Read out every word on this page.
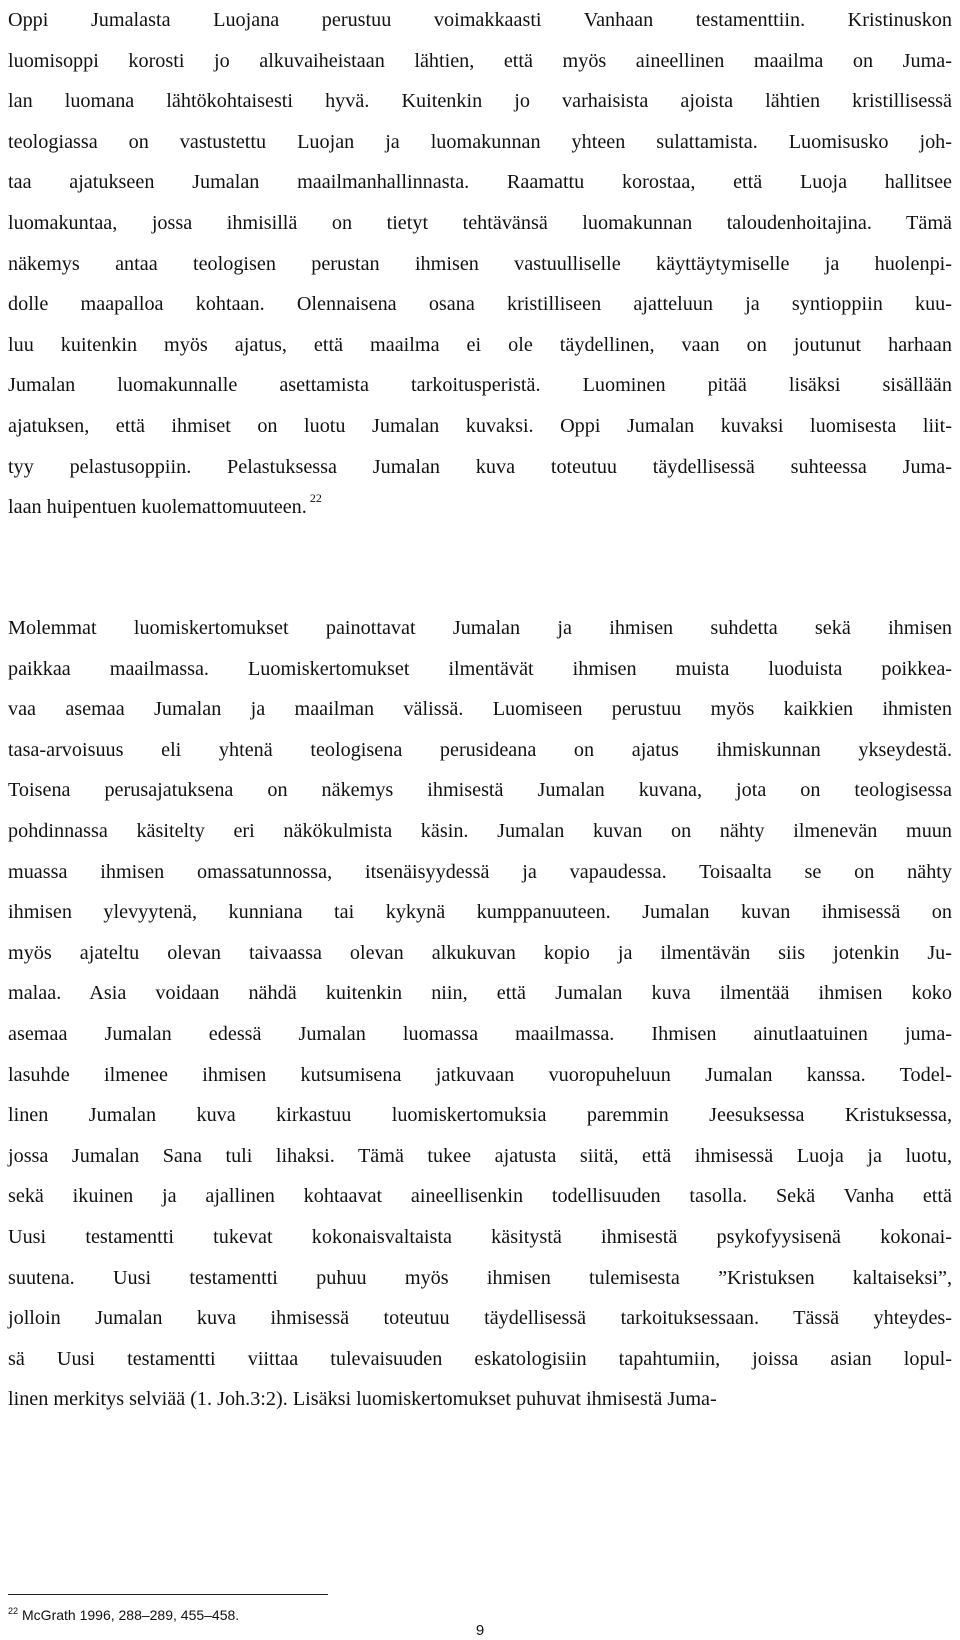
Oppi Jumalasta Luojana perustuu voimakkaasti Vanhaan testamenttiin. Kristinuskon
luomisoppi korosti jo alkuvaiheistaan lähtien, että myös aineellinen maailma on Juma-
lan luomana lähtökohtaisesti hyvä. Kuitenkin jo varhaisista ajoista lähtien kristillisessä
teologiassa on vastustettu Luojan ja luomakunnan yhteen sulattamista. Luomisusko joh-
taa ajatukseen Jumalan maailmanhallinnasta. Raamattu korostaa, että Luoja hallitsee
luomakuntaa, jossa ihmisillä on tietyt tehtävänsä luomakunnan taloudenhoitajina. Tämä
näkemys antaa teologisen perustan ihmisen vastuulliselle käyttäytymiselle ja huolenpi-
dolle maapalloa kohtaan. Olennaisena osana kristilliseen ajatteluun ja syntioppiin kuu-
luu kuitenkin myös ajatus, että maailma ei ole täydellinen, vaan on joutunut harhaan
Jumalan luomakunnalle asettamista tarkoitusperistä. Luominen pitää lisäksi sisällään
ajatuksen, että ihmiset on luotu Jumalan kuvaksi. Oppi Jumalan kuvaksi luomisesta liit-
tyy pelastusoppiin. Pelastuksessa Jumalan kuva toteutuu täydellisessä suhteessa Juma-
laan huipentuen kuolemattomuuteen. $^{22}$
Molemmat luomiskertomukset painottavat Jumalan ja ihmisen suhdetta sekä ihmisen
paikkaa maailmassa. Luomiskertomukset ilmentävät ihmisen muista luoduista poikkea-
vaa asemaa Jumalan ja maailman välissä. Luomiseen perustuu myös kaikkien ihmisten
tasa-arvoisuus eli yhtenä teologisena perusideana on ajatus ihmiskunnan ykseydestä.
Toisena perusajatuksena on näkemys ihmisestä Jumalan kuvana, jota on teologisessa
pohdinnassa käsitelty eri näkökulmista käsin. Jumalan kuvan on nähty ilmenevän muun
muassa ihmisen omassatunnossa, itsenäisyydessä ja vapaudessa. Toisaalta se on nähty
ihmisen ylevyytenä, kunniana tai kykynä kumppanuuteen. Jumalan kuvan ihmisessä on
myös ajateltu olevan taivaassa olevan alkukuvan kopio ja ilmentävän siis jotenkin Ju-
malaa. Asia voidaan nähdä kuitenkin niin, että Jumalan kuva ilmentää ihmisen koko
asemaa Jumalan edessä Jumalan luomassa maailmassa. Ihmisen ainutlaatuinen juma-
lasuhde ilmenee ihmisen kutsumisena jatkuvaan vuoropuheluun Jumalan kanssa. Todel-
linen Jumalan kuva kirkastuu luomiskertomuksia paremmin Jeesuksessa Kristuksessa,
jossa Jumalan Sana tuli lihaksi. Tämä tukee ajatusta siitä, että ihmisessä Luoja ja luotu,
sekä ikuinen ja ajallinen kohtaavat aineellisenkin todellisuuden tasolla. Sekä Vanha että
Uusi testamentti tukevat kokonaisvaltaista käsitystä ihmisestä psykofyysisenä kokonai-
suutena. Uusi testamentti puhuu myös ihmisen tulemisesta ”Kristuksen kaltaiseksi”,
jolloin Jumalan kuva ihmisessä toteutuu täydellisessä tarkoituksessaan. Tässä yhteydes-
sä Uusi testamentti viittaa tulevaisuuden eskatologisiin tapahtumiin, joissa asian lopul-
linen merkitys selviää (1. Joh.3:2). Lisäksi luomiskertomukset puhuvat ihmisestä Juma-
$^{22}$ McGrath 1996, 288–289, 455–458.
9
